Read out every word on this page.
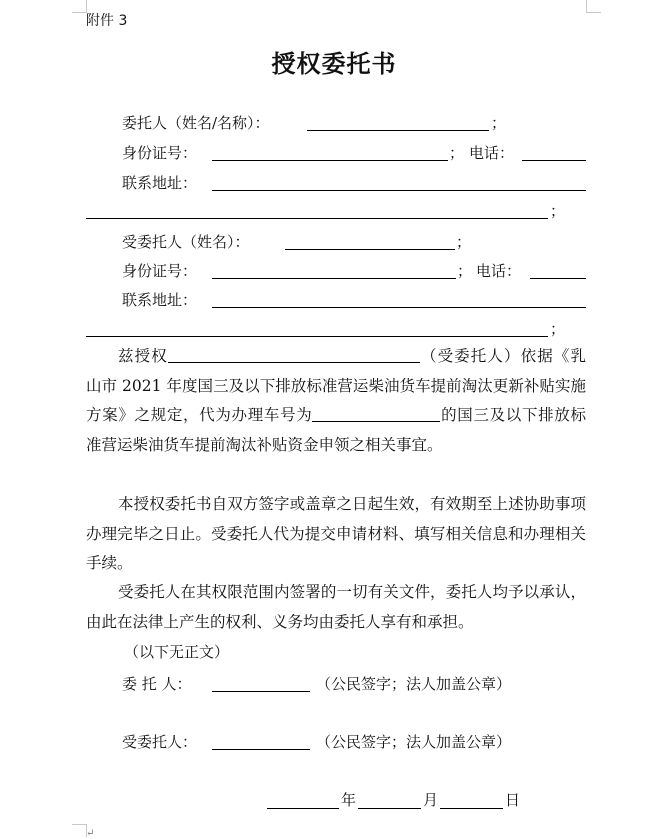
附件 3
授权委托书
委托人（姓名/名称）：	；
身份证号：	； 电话：
联系地址：
；
受委托人（姓名）：	；
身份证号：	； 电话：
联系地址：
；
兹授权	（受委托人）依据《乳山市 2021 年度国三及以下排放标准营运柴油货车提前淘汰更新补贴实施方案》之规定，代为办理车号为	的国三及以下排放标准营运柴油货车提前淘汰补贴资金申领之相关事宜。
本授权委托书自双方签字或盖章之日起生效，有效期至上述协助事项办理完毕之日止。受委托人代为提交申请材料、填写相关信息和办理相关手续。
受委托人在其权限范围内签署的一切有关文件，委托人均予以承认，由此在法律上产生的权利、义务均由委托人享有和承担。
（以下无正文）
委 托 人：	（公民签字；法人加盖公章）
受委托人：	（公民签字；法人加盖公章）
年	月	日
↵
